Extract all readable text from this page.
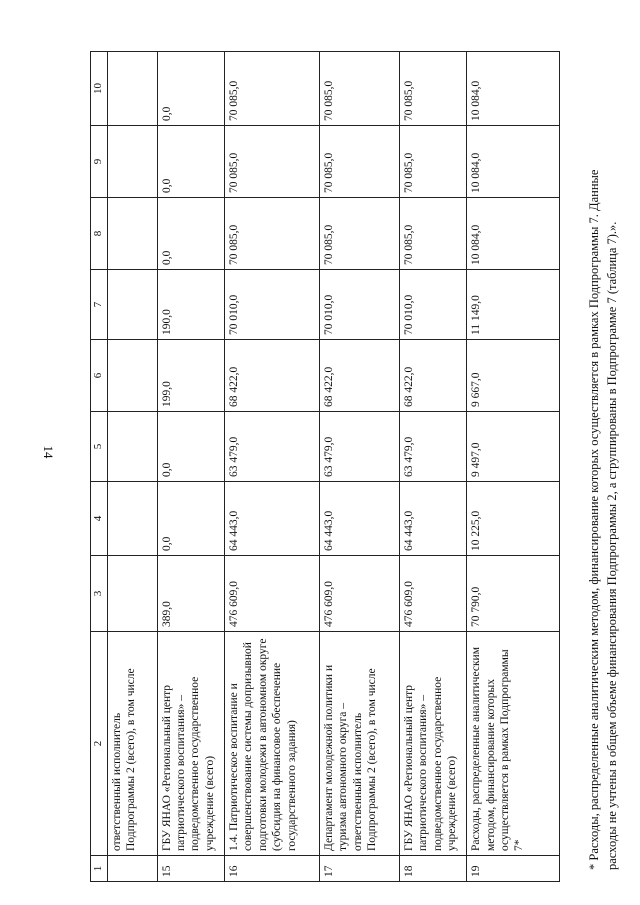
14
1	2	3	4	5	6	7	8	9	10
	ответственный исполнитель Подпрограммы 2 (всего), в том числе								
15	ГБУ ЯНАО «Региональный центр патриотического воспитания» – подведомственное государственное учреждение (всего)	389,0	0,0	0,0	199,0	190,0	0,0	0,0	0,0
16	1.4. Патриотическое воспитание и совершенствование системы допризывной подготовки молодежи в автономном округе (субсидия на финансовое обеспечение государственного задания)	476 609,0	64 443,0	63 479,0	68 422,0	70 010,0	70 085,0	70 085,0	70 085,0
17	Департамент молодежной политики и туризма автономного округа – ответственный исполнитель Подпрограммы 2 (всего), в том числе	476 609,0	64 443,0	63 479,0	68 422,0	70 010,0	70 085,0	70 085,0	70 085,0
18	ГБУ ЯНАО «Региональный центр патриотического воспитания» – подведомственное государственное учреждение (всего)	476 609,0	64 443,0	63 479,0	68 422,0	70 010,0	70 085,0	70 085,0	70 085,0
19	Расходы, распределенные аналитическим методом, финансирование которых осуществляется в рамках Подпрограммы 7*	70 790,0	10 225,0	9 497,0	9 667,0	11 149,0	10 084,0	10 084,0	10 084,0

* Расходы, распределенные аналитическим методом, финансирование которых осуществляется в рамках Подпрограммы 7. Данные расходы не учтены в общем объеме финансирования Подпрограммы 2, а сгруппированы в Подпрограмме 7 (таблица 7).».
